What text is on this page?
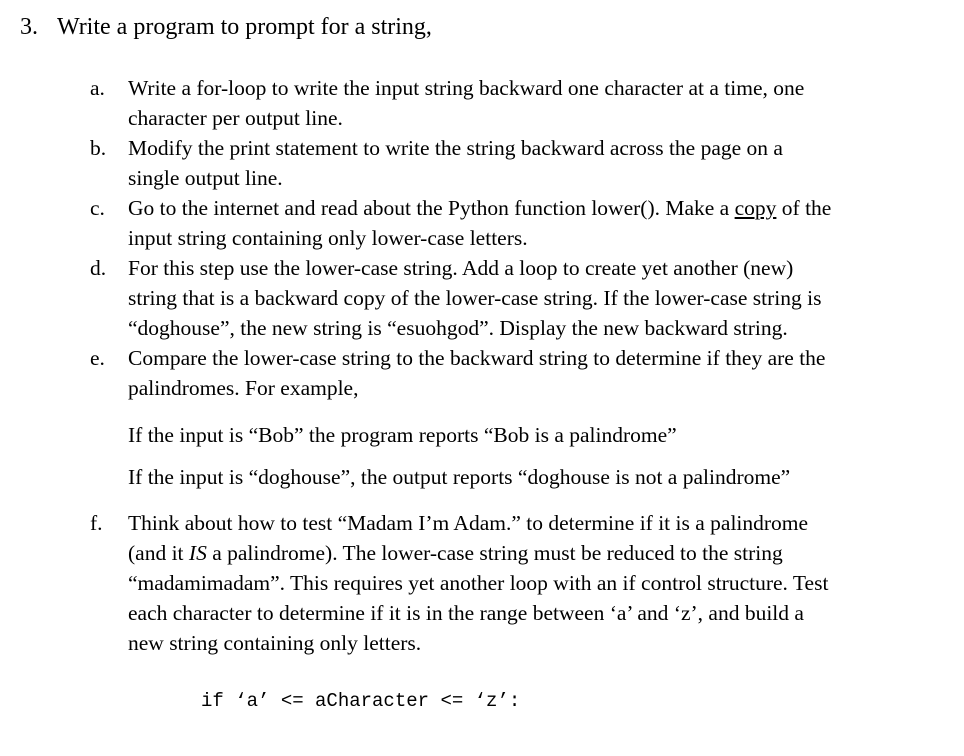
3. Write a program to prompt for a string,
a.	Write a for-loop to write the input string backward one character at a time, one
character per output line.
b.	Modify the print statement to write the string backward across the page on a
single output line.
c.	Go to the internet and read about the Python function lower(). Make a copy of the
input string containing only lower-case letters.
d.	For this step use the lower-case string. Add a loop to create yet another (new)
string that is a backward copy of the lower-case string. If the lower-case string is
“doghouse”, the new string is “esuohgod”. Display the new backward string.
e.	Compare the lower-case string to the backward string to determine if they are the
palindromes. For example,
If the input is “Bob” the program reports “Bob is a palindrome”
If the input is “doghouse”, the output reports “doghouse is not a palindrome”
f.	Think about how to test “Madam I’m Adam.” to determine if it is a palindrome
(and it IS a palindrome). The lower-case string must be reduced to the string
“madamimadam”. This requires yet another loop with an if control structure. Test
each character to determine if it is in the range between ‘a’ and ‘z’, and build a
new string containing only letters.
if ‘a’ <= aCharacter <= ‘z’:
